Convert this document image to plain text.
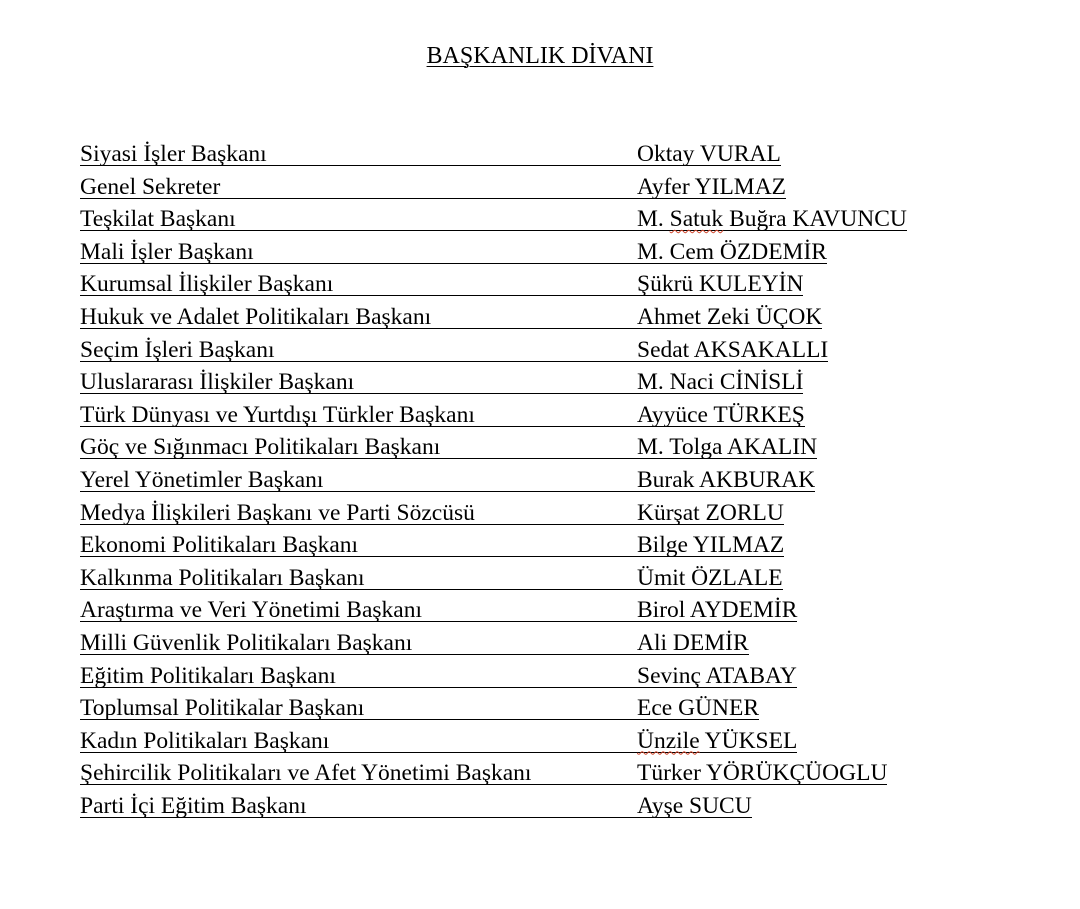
BAŞKANLIK DİVANI
Siyasi İşler Başkanı	Oktay VURAL
Genel Sekreter	Ayfer YILMAZ
Teşkilat Başkanı	M. Satuk Buğra KAVUNCU
Mali İşler Başkanı	M. Cem ÖZDEMİR
Kurumsal İlişkiler Başkanı	Şükrü KULEYİN
Hukuk ve Adalet Politikaları Başkanı	Ahmet Zeki ÜÇOK
Seçim İşleri Başkanı	Sedat AKSAKALLI
Uluslararası İlişkiler Başkanı	M. Naci CİNİSLİ
Türk Dünyası ve Yurtdışı Türkler Başkanı	Ayyüce TÜRKEŞ
Göç ve Sığınmacı Politikaları Başkanı	M. Tolga AKALIN
Yerel Yönetimler Başkanı	Burak AKBURAK
Medya İlişkileri Başkanı ve Parti Sözcüsü	Kürşat ZORLU
Ekonomi Politikaları Başkanı	Bilge YILMAZ
Kalkınma Politikaları Başkanı	Ümit ÖZLALE
Araştırma ve Veri Yönetimi Başkanı	Birol AYDEMİR
Milli Güvenlik Politikaları Başkanı	Ali DEMİR
Eğitim Politikaları Başkanı	Sevinç ATABAY
Toplumsal Politikalar Başkanı	Ece GÜNER
Kadın Politikaları Başkanı	Ünzile YÜKSEL
Şehircilik Politikaları ve Afet Yönetimi Başkanı	Türker YÖRÜKÇÜOGLU
Parti İçi Eğitim Başkanı	Ayşe SUCU
